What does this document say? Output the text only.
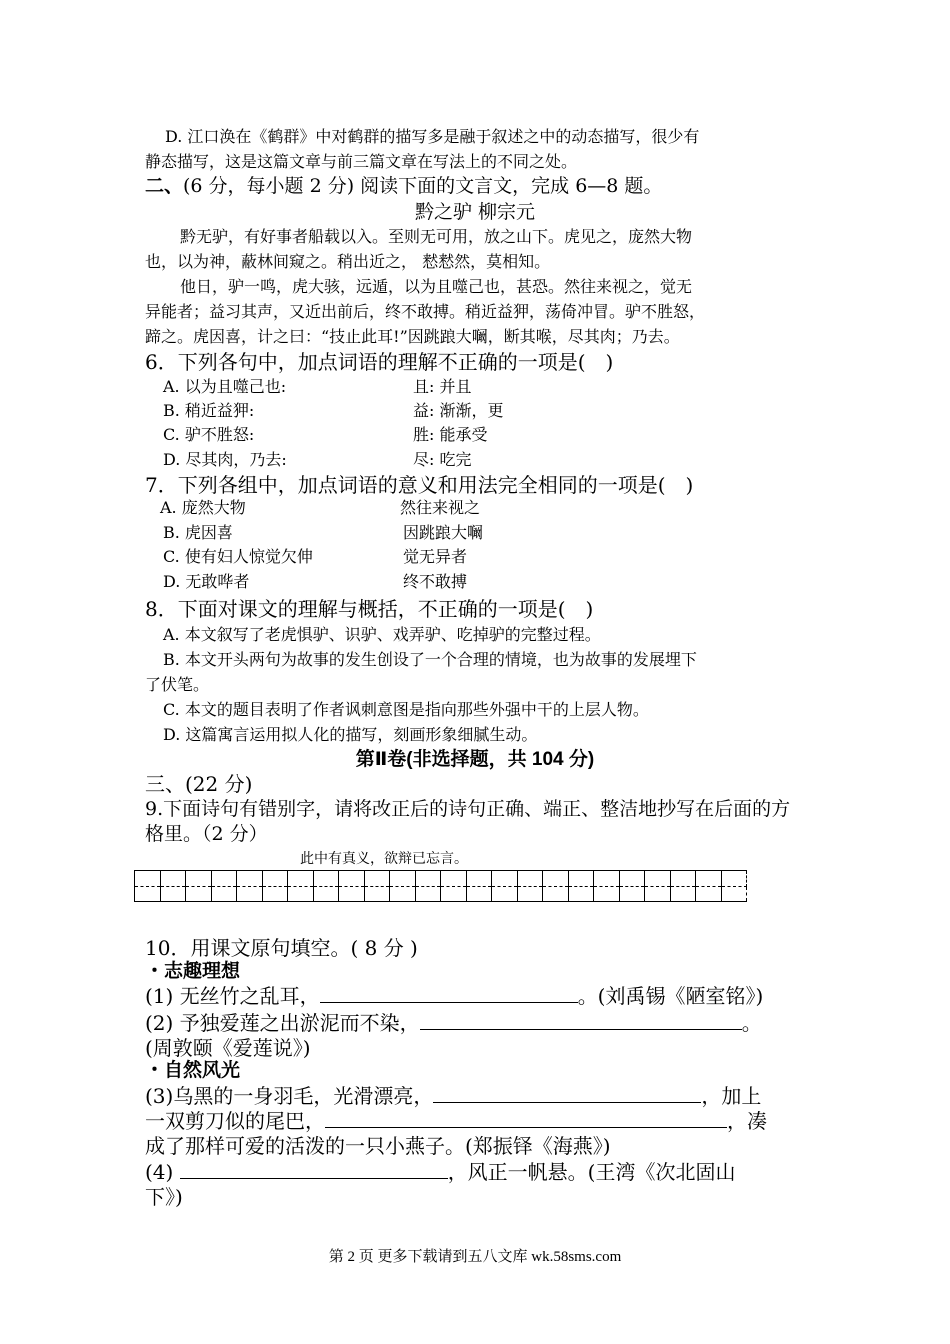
D. 江口涣在《鹤群》中对鹤群的描写多是融于叙述之中的动态描写，很少有
静态描写，这是这篇文章与前三篇文章在写法上的不同之处。
二、(6 分，每小题 2 分) 阅读下面的文言文，完成 6—8 题。
黔之驴 柳宗元
黔无驴，有好事者船载以入。至则无可用，放之山下。虎见之，庞然大物
也，以为神，蔽林间窥之。稍出近之， 慭慭然，莫相知。
他日，驴一鸣，虎大骇，远遁，以为且噬己也，甚恐。然往来视之，觉无
异能者；益习其声，又近出前后，终不敢搏。稍近益狎，荡倚冲冒。驴不胜怒，
蹄之。虎因喜，计之曰：“技止此耳!”因跳踉大㘎，断其喉，尽其肉；乃去。
6．下列各句中，加点词语的理解不正确的一项是(　)
A. 以为且噬己也:	且: 并且
B. 稍近益狎:	益: 渐渐，更
C. 驴不胜怒:	胜: 能承受
D. 尽其肉，乃去:	尽: 吃完
7．下列各组中，加点词语的意义和用法完全相同的一项是(　)
A. 庞然大物	然往来视之
B. 虎因喜	因跳踉大㘎
C. 使有妇人惊觉欠伸	觉无异者
D. 无敢哗者	终不敢搏
8．下面对课文的理解与概括，不正确的一项是(　)
A. 本文叙写了老虎惧驴、识驴、戏弄驴、吃掉驴的完整过程。
B. 本文开头两句为故事的发生创设了一个合理的情境，也为故事的发展埋下
了伏笔。
C. 本文的题目表明了作者讽刺意图是指向那些外强中干的上层人物。
D. 这篇寓言运用拟人化的描写，刻画形象细腻生动。
第Ⅱ卷(非选择题，共 104 分)
三、(22 分)
9.下面诗句有错别字，请将改正后的诗句正确、端正、整洁地抄写在后面的方
格里。（2 分）
此中有真义，欲辩已忘言。

10．用课文原句填空。( 8 分 )
・志趣理想
(1) 无丝竹之乱耳，	。(刘禹锡《陋室铭》)
(2) 予独爱莲之出淤泥而不染，	。
(周敦颐《爱莲说》)
・自然风光
(3)乌黑的一身羽毛，光滑漂亮，	，加上
一双剪刀似的尾巴，	，凑
成了那样可爱的活泼的一只小燕子。(郑振铎《海燕》)
(4)	，风正一帆悬。(王湾《次北固山
下》)
第 2 页 更多下载请到五八文库 wk.58sms.com
